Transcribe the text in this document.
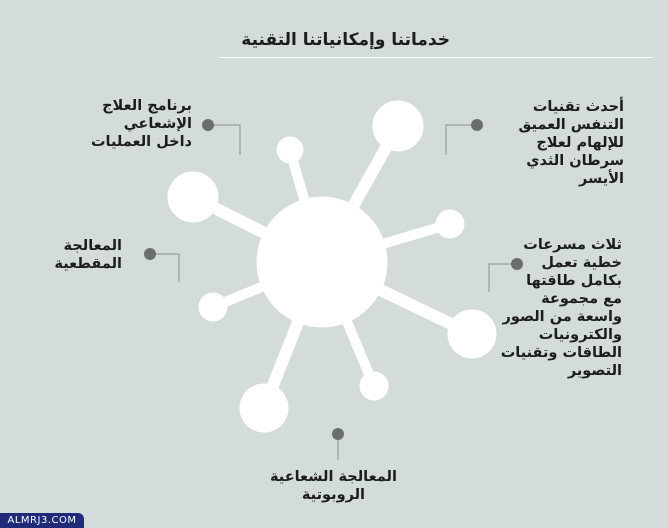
خدماتنا وإمكانياتنا التقنية
أحدث تقنيات
التنفس العميق
للإلهام لعلاج
سرطان الثدي
الأيسر
برنامج العلاج
الإشعاعي
داخل العمليات
المعالجة
المقطعية
ثلاث مسرعات
خطية تعمل
بكامل طاقتها
مع مجموعة
واسعة من الصور
والكترونيات
الطاقات وتقنيات
التصوير
المعالجة الشعاعية
الروبوتية
ALMRJ3.COM
